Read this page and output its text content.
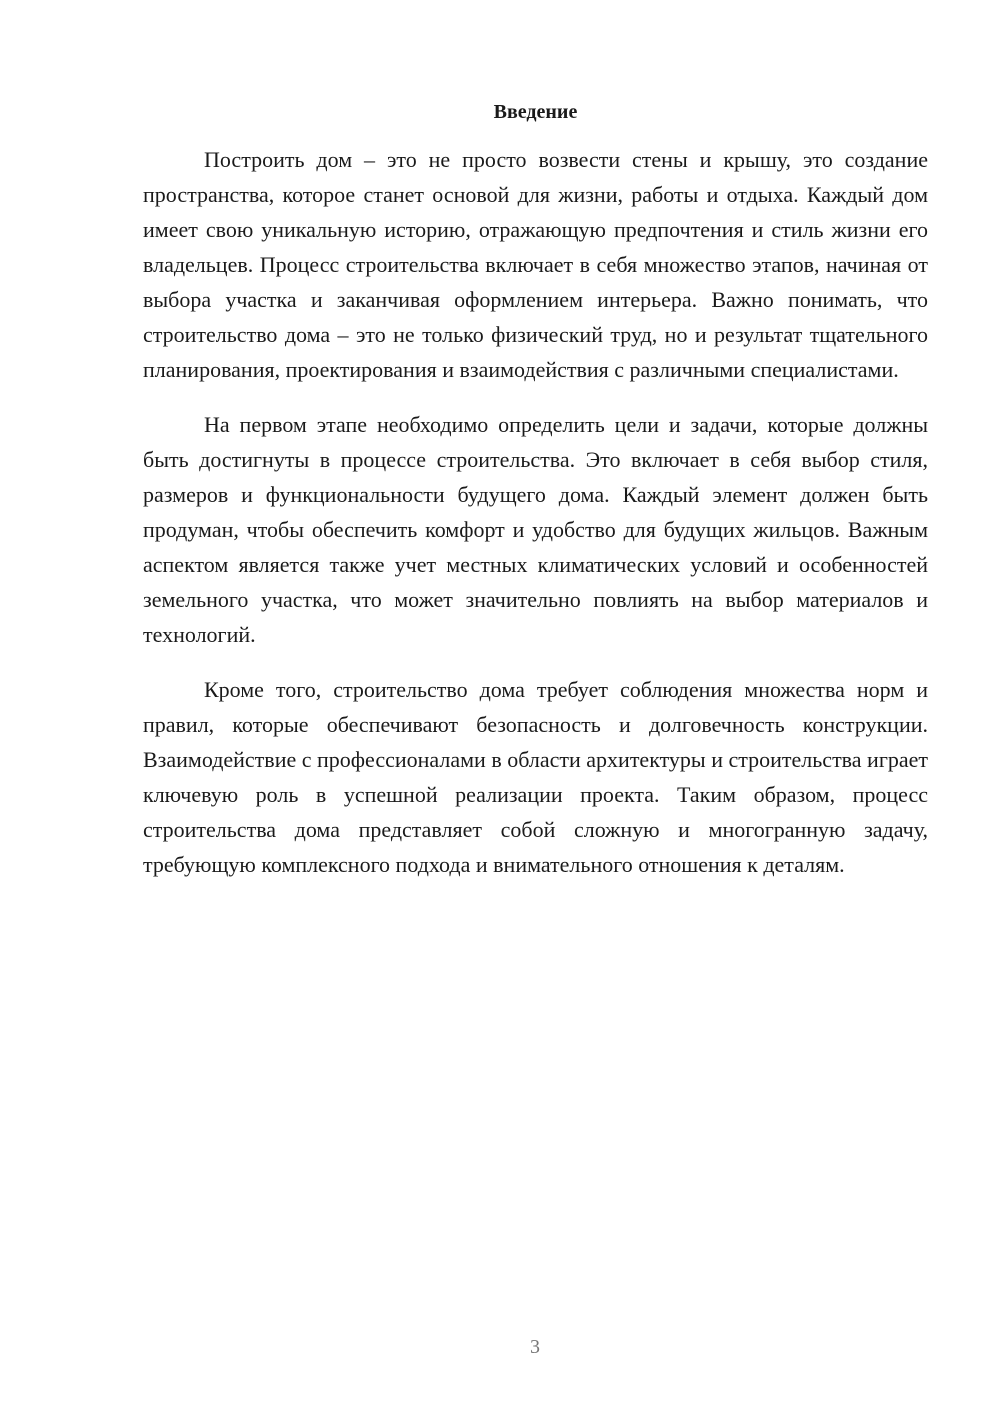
Введение

Построить дом – это не просто возвести стены и крышу, это создание пространства, которое станет основой для жизни, работы и отдыха. Каждый дом имеет свою уникальную историю, отражающую предпочтения и стиль жизни его владельцев. Процесс строительства включает в себя множество этапов, начиная от выбора участка и заканчивая оформлением интерьера. Важно понимать, что строительство дома – это не только физический труд, но и результат тщательного планирования, проектирования и взаимодействия с различными специалистами.

На первом этапе необходимо определить цели и задачи, которые должны быть достигнуты в процессе строительства. Это включает в себя выбор стиля, размеров и функциональности будущего дома. Каждый элемент должен быть продуман, чтобы обеспечить комфорт и удобство для будущих жильцов. Важным аспектом является также учет местных климатических условий и особенностей земельного участка, что может значительно повлиять на выбор материалов и технологий.

Кроме того, строительство дома требует соблюдения множества норм и правил, которые обеспечивают безопасность и долговечность конструкции. Взаимодействие с профессионалами в области архитектуры и строительства играет ключевую роль в успешной реализации проекта. Таким образом, процесс строительства дома представляет собой сложную и многогранную задачу, требующую комплексного подхода и внимательного отношения к деталям.

3
